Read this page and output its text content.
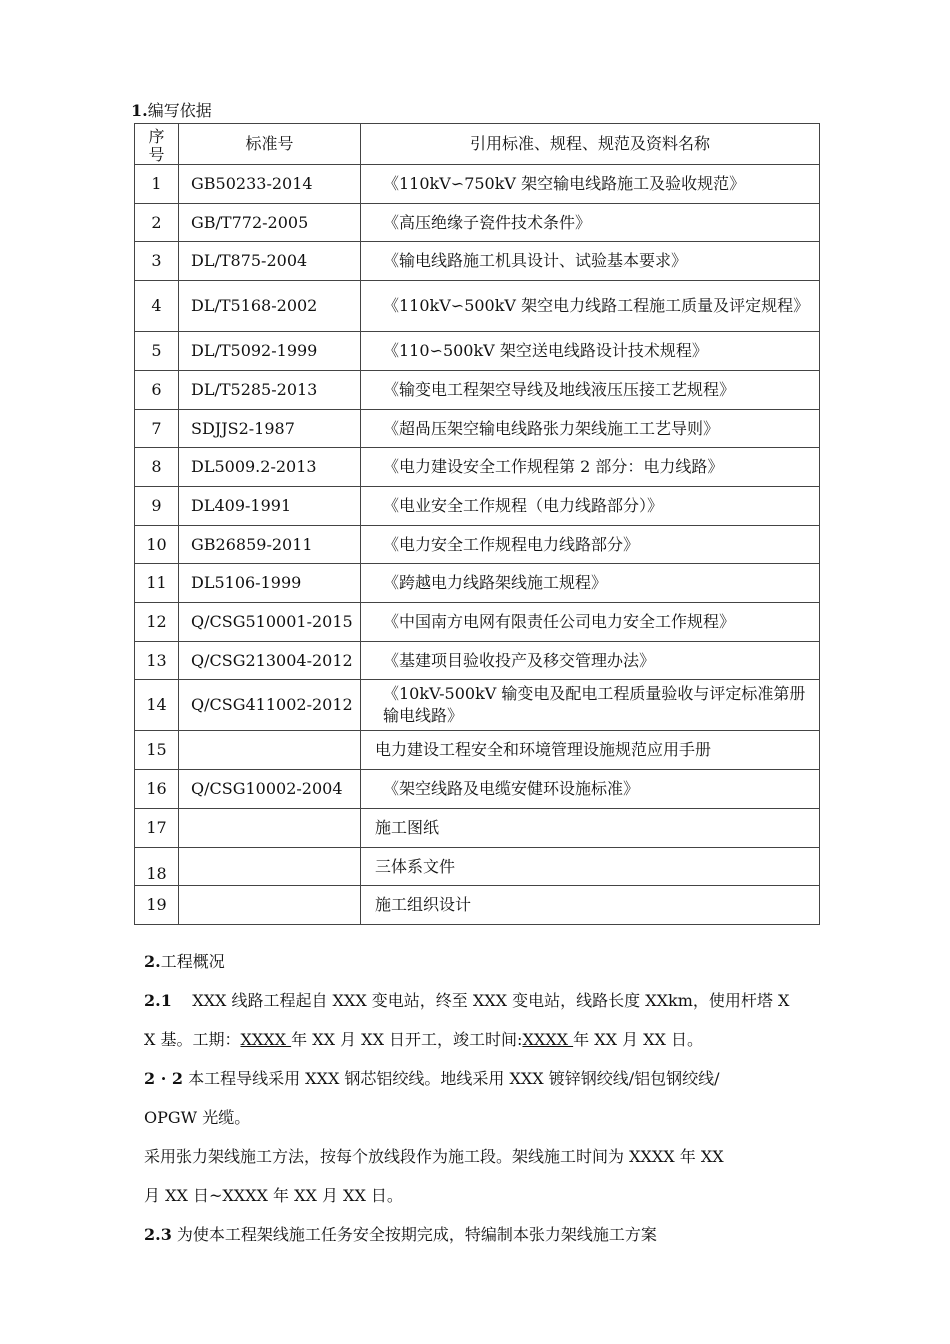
1.编写依据
序号	标准号	引用标准、规程、规范及资料名称
1	GB50233-2014	《110kV∽750kV 架空输电线路施工及验收规范》
2	GB/T772-2005	《高压绝缘子瓷件技术条件》
3	DL/T875-2004	《输电线路施工机具设计、试验基本要求》
4	DL/T5168-2002	《110kV∽500kV 架空电力线路工程施工质量及评定规程》
5	DL/T5092-1999	《110∽500kV 架空送电线路设计技术规程》
6	DL/T5285-2013	《输变电工程架空导线及地线液压压接工艺规程》
7	SDJJS2-1987	《超咼压架空输电线路张力架线施工工艺导则》
8	DL5009.2-2013	《电力建设安全工作规程第 2 部分：电力线路》
9	DL409-1991	《电业安全工作规程（电力线路部分）》
10	GB26859-2011	《电力安全工作规程电力线路部分》
11	DL5106-1999	《跨越电力线路架线施工规程》
12	Q/CSG510001-2015	《中国南方电网有限责任公司电力安全工作规程》
13	Q/CSG213004-2012	《基建项目验收投产及移交管理办法》
14	Q/CSG411002-2012	《10kV-500kV 输变电及配电工程质量验收与评定标准第册输电线路》
15		电力建设工程安全和环境管理设施规范应用手册
16	Q/CSG10002-2004	《架空线路及电缆安健环设施标准》
17		施工图纸
18		三体系文件
19		施工组织设计
2.工程概况
2.1 XXX 线路工程起自 XXX 变电站，终至 XXX 变电站，线路长度 XXkm，使用杆塔 X
X 基。工期：XXXX 年 XX 月 XX 日开工，竣工时间:XXXX 年 XX 月 XX 日。
2 · 2 本工程导线采用 XXX 钢芯铝绞线。地线采用 XXX 镀锌钢绞线/铝包钢绞线/
OPGW 光缆。
采用张力架线施工方法，按每个放线段作为施工段。架线施工时间为 XXXX 年 XX
月 XX 日~XXXX 年 XX 月 XX 日。
2.3 为使本工程架线施工任务安全按期完成，特编制本张力架线施工方案
